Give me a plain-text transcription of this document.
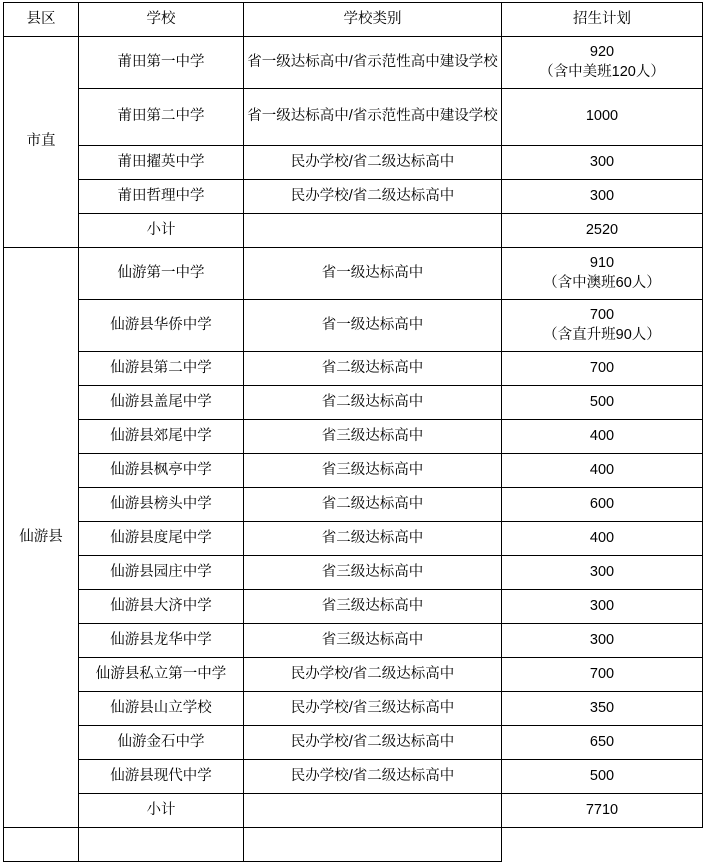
县区	学校	学校类别	招生计划
市直	莆田第一中学	省一级达标高中/省示范性高中建设学校	920
（含中美班120人）

	莆田第二中学	省一级达标高中/省示范性高中建设学校	1000

	莆田擢英中学	民办学校/省二级达标高中	300

	莆田哲理中学	民办学校/省二级达标高中	300

	小计		2520

仙游县	仙游第一中学	省一级达标高中	910
（含中澳班60人）

	仙游县华侨中学	省一级达标高中	700
（含直升班90人）

	仙游县第二中学	省二级达标高中	700

	仙游县盖尾中学	省二级达标高中	500

	仙游县郊尾中学	省三级达标高中	400

	仙游县枫亭中学	省三级达标高中	400

	仙游县榜头中学	省二级达标高中	600

	仙游县度尾中学	省二级达标高中	400

	仙游县园庄中学	省三级达标高中	300

	仙游县大济中学	省三级达标高中	300

	仙游县龙华中学	省三级达标高中	300

	仙游县私立第一中学	民办学校/省二级达标高中	700

	仙游县山立学校	民办学校/省三级达标高中	350

	仙游金石中学	民办学校/省二级达标高中	650

	仙游县现代中学	民办学校/省二级达标高中	500

	小计		7710
